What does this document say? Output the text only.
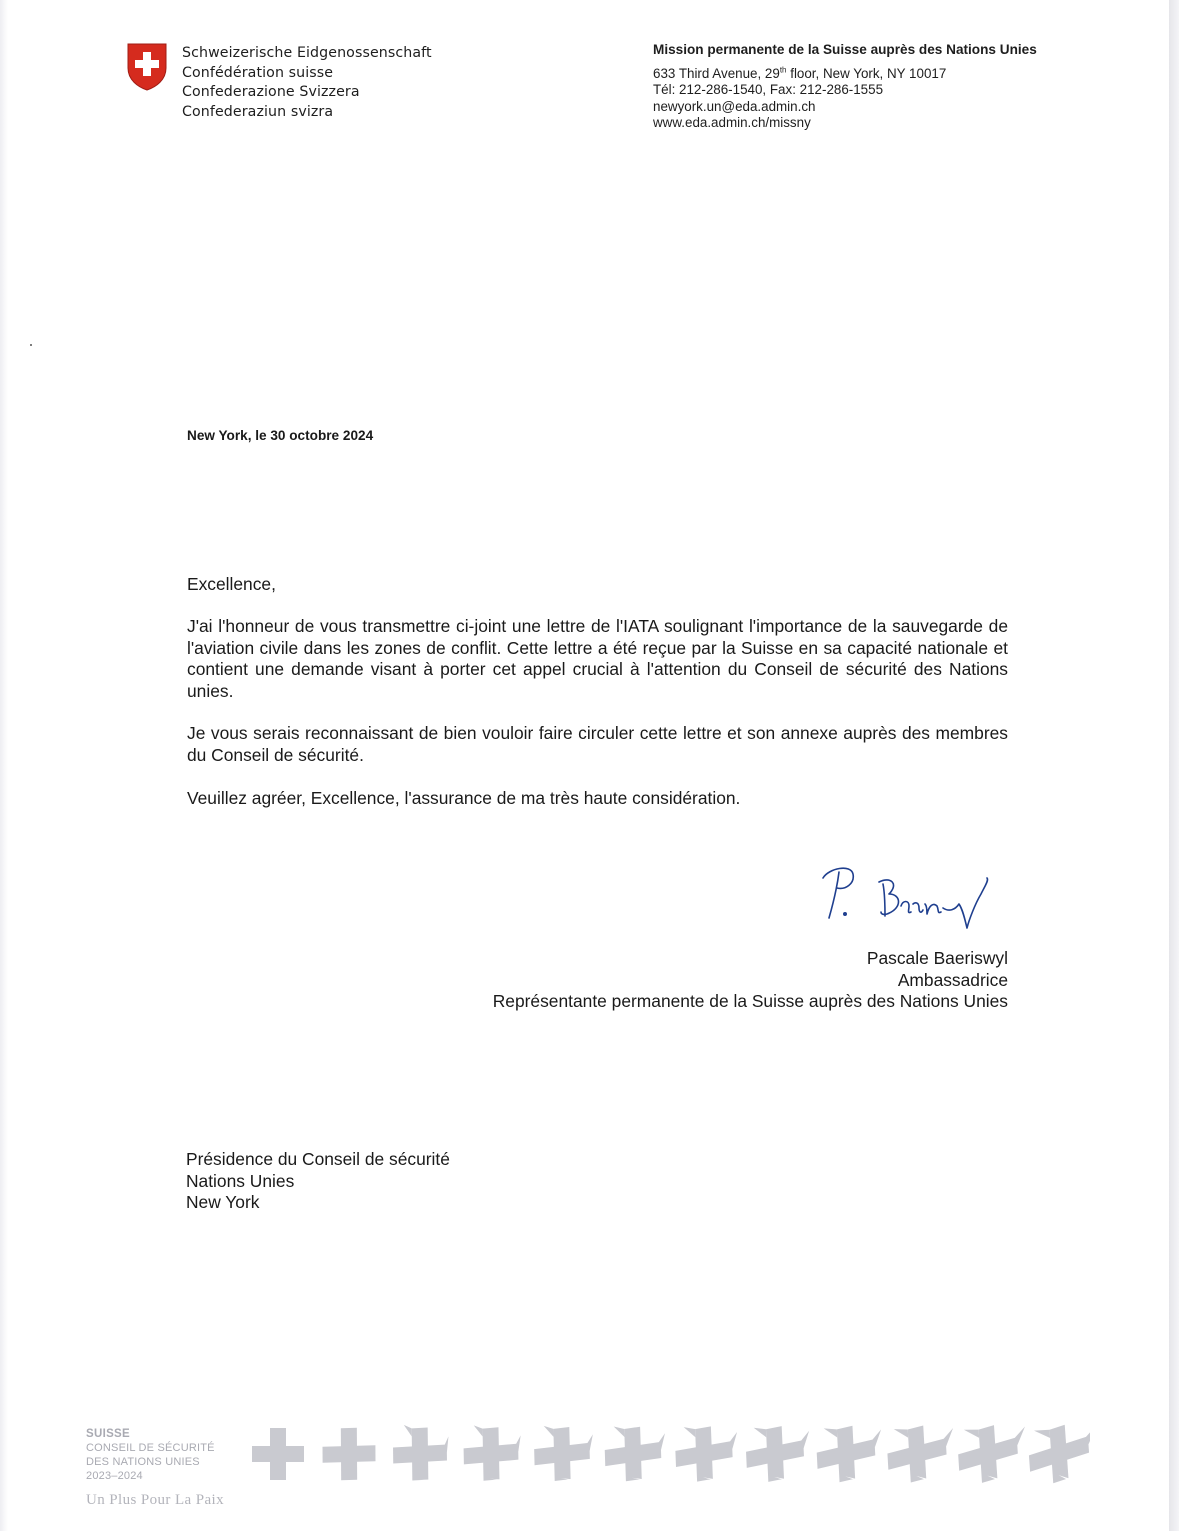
Schweizerische Eidgenossenschaft
Confédération suisse
Confederazione Svizzera
Confederaziun svizra
Mission permanente de la Suisse auprès des Nations Unies
633 Third Avenue, 29th floor, New York, NY 10017
Tél: 212-286-1540, Fax: 212-286-1555
newyork.un@eda.admin.ch
www.eda.admin.ch/missny
New York, le 30 octobre 2024
Excellence,
J'ai l'honneur de vous transmettre ci-joint une lettre de l'IATA soulignant l'importance de la sauvegarde de l'aviation civile dans les zones de conflit. Cette lettre a été reçue par la Suisse en sa capacité nationale et contient une demande visant à porter cet appel crucial à l'attention du Conseil de sécurité des Nations unies.
Je vous serais reconnaissant de bien vouloir faire circuler cette lettre et son annexe auprès des membres du Conseil de sécurité.
Veuillez agréer, Excellence, l'assurance de ma très haute considération.
Pascale Baeriswyl
Ambassadrice
Représentante permanente de la Suisse auprès des Nations Unies
Présidence du Conseil de sécurité
Nations Unies
New York
SUISSE
CONSEIL DE SÉCURITÉ
DES NATIONS UNIES
2023–2024
Un Plus Pour La Paix
